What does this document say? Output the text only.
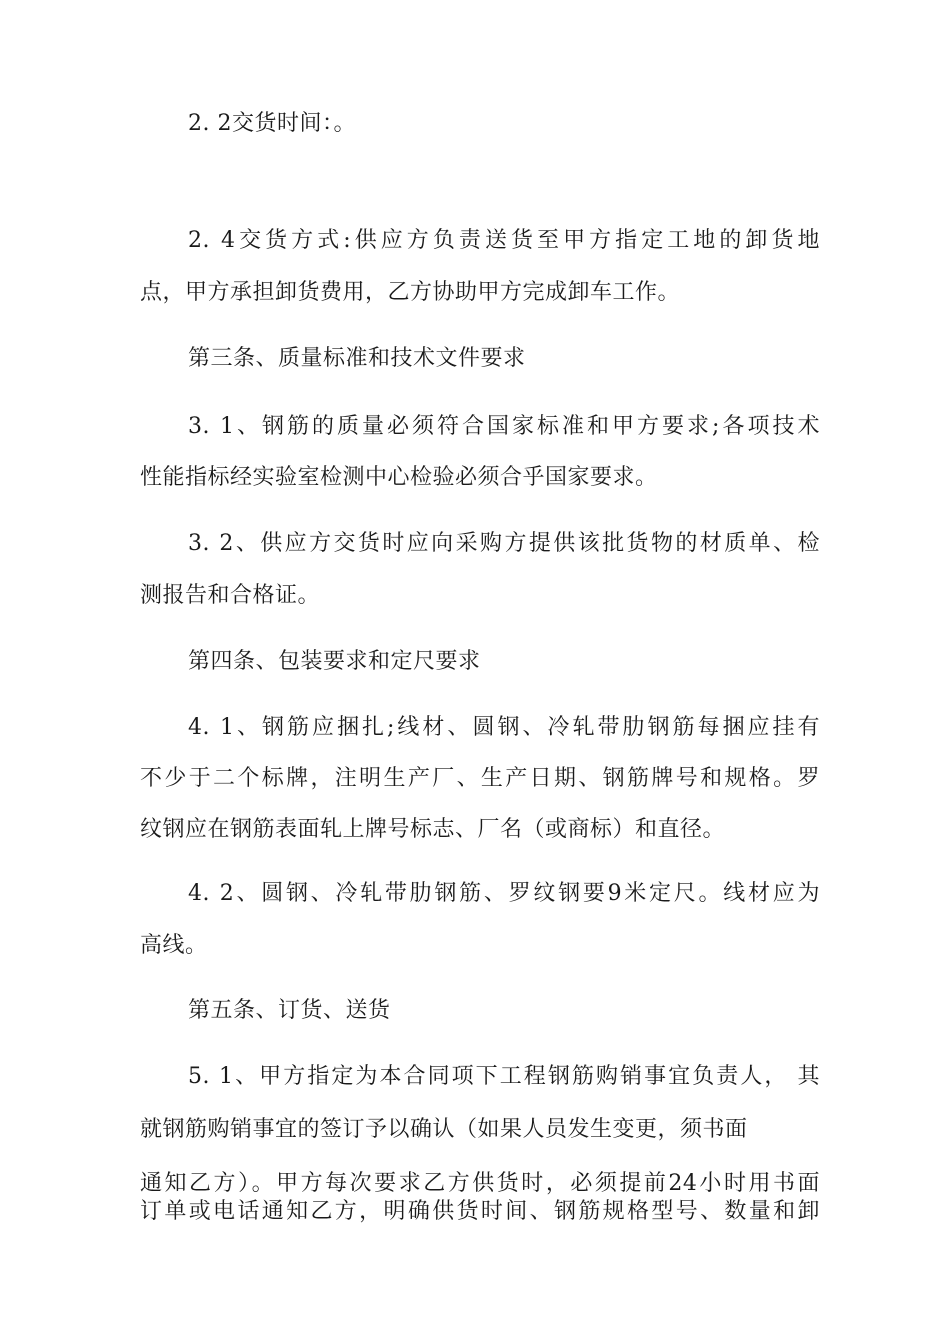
2. 2交货时间：。
2. 4交货方式:供应方负责送货至甲方指定工地的卸货地
点，甲方承担卸货费用，乙方协助甲方完成卸车工作。
第三条、质量标准和技术文件要求
3. 1、钢筋的质量必须符合国家标准和甲方要求;各项技术
性能指标经实验室检测中心检验必须合乎国家要求。
3. 2、供应方交货时应向采购方提供该批货物的材质单、检
测报告和合格证。
第四条、包装要求和定尺要求
4. 1、钢筋应捆扎;线材、圆钢、冷轧带肋钢筋每捆应挂有
不少于二个标牌，注明生产厂、生产日期、钢筋牌号和规格。罗
纹钢应在钢筋表面轧上牌号标志、厂名（或商标）和直径。
4. 2、圆钢、冷轧带肋钢筋、罗纹钢要9米定尺。线材应为
高线。
第五条、订货、送货
5. 1、甲方指定为本合同项下工程钢筋购销事宜负责人， 其
就钢筋购销事宜的签订予以确认（如果人员发生变更，须书面
通知乙方）。甲方每次要求乙方供货时，必须提前24小时用书面
订单或电话通知乙方，明确供货时间、钢筋规格型号、数量和卸
